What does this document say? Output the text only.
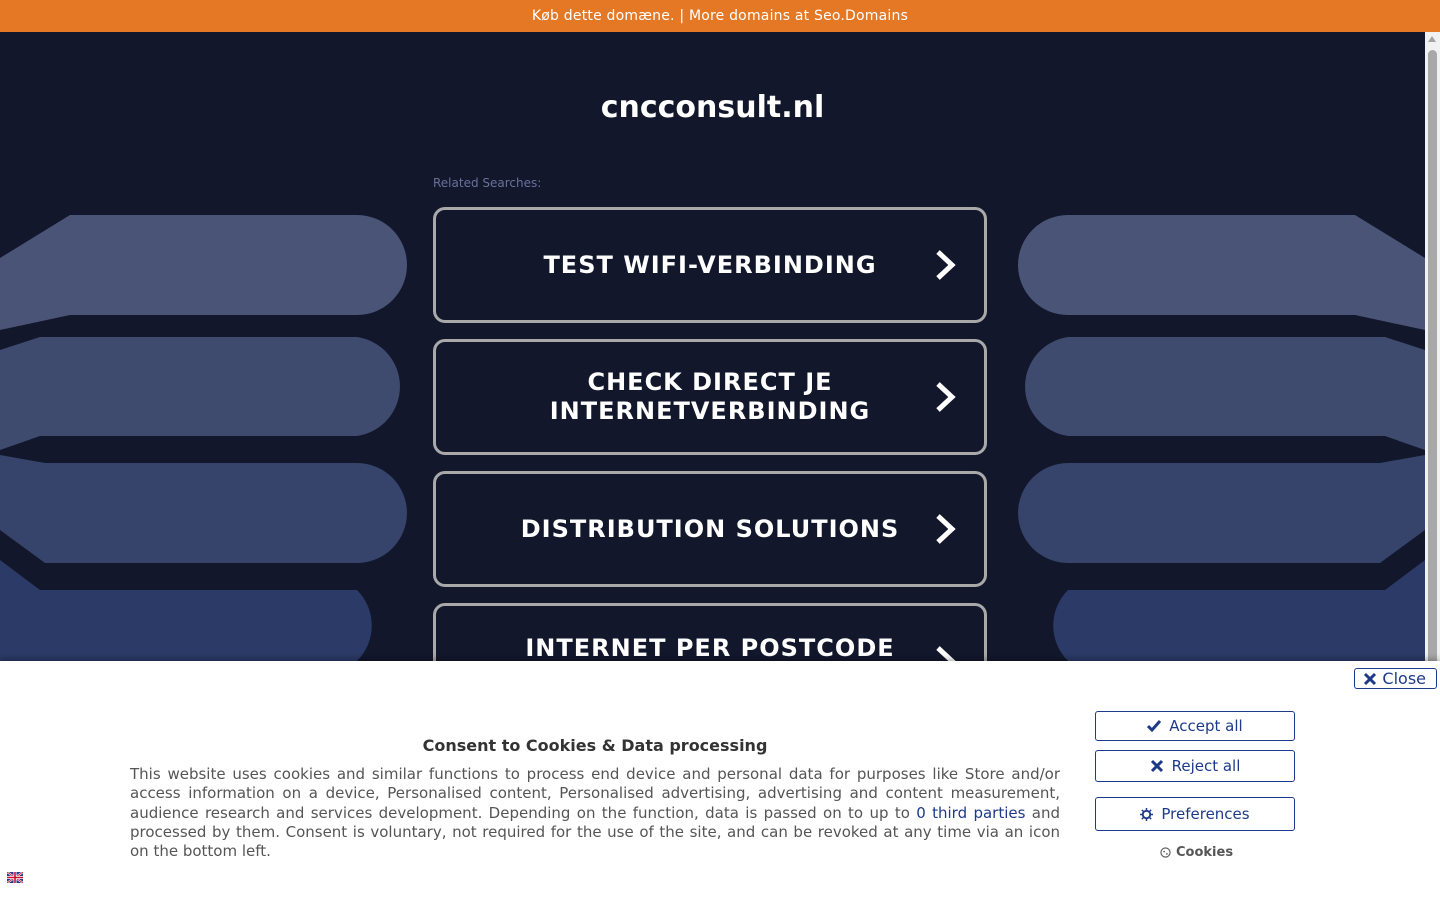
Køb dette domæne. | More domains at Seo.Domains
cncconsult.nl
Related Searches:
TEST WIFI-VERBINDING
CHECK DIRECT JE INTERNETVERBINDING
DISTRIBUTION SOLUTIONS
INTERNET PER POSTCODE
Close
Consent to Cookies & Data processing
This website uses cookies and similar functions to process end device and personal data for purposes like Store and/or access information on a device, Personalised content, Personalised advertising, advertising and content measurement, audience research and services development. Depending on the function, data is passed on to up to 0 third parties and processed by them. Consent is voluntary, not required for the use of the site, and can be revoked at any time via an icon on the bottom left.
Accept all
Reject all
Preferences
Cookies
